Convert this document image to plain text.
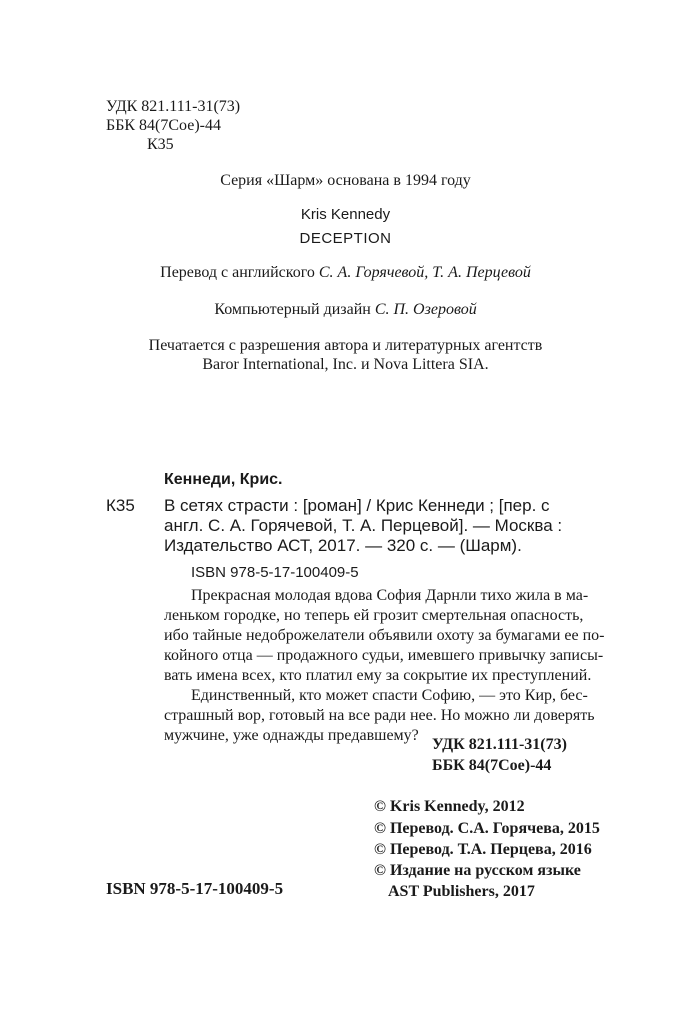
УДК 821.111-31(73)
ББК 84(7Сое)-44
К35
Серия «Шарм» основана в 1994 году
Kris Kennedy
DECEPTION
Перевод с английского С. А. Горячевой, Т. А. Перцевой
Компьютерный дизайн С. П. Озеровой
Печатается с разрешения автора и литературных агентств
Baror International, Inc. и Nova Littera SIA.
Кеннеди, Крис.
К35 В сетях страсти : [роман] / Крис Кеннеди ; [пер. с
англ. С. А. Горячевой, Т. А. Перцевой]. — Москва :
Издательство АСТ, 2017. — 320 с. — (Шарм).
ISBN 978-5-17-100409-5
Прекрасная молодая вдова София Дарнли тихо жила в ма-
леньком городке, но теперь ей грозит смертельная опасность,
ибо тайные недоброжелатели объявили охоту за бумагами ее по-
койного отца — продажного судьи, имевшего привычку записы-
вать имена всех, кто платил ему за сокрытие их преступлений.
Единственный, кто может спасти Софию, — это Кир, бес-
страшный вор, готовый на все ради нее. Но можно ли доверять
мужчине, уже однажды предавшему?
УДК 821.111-31(73)
ББК 84(7Сое)-44
© Kris Kennedy, 2012
© Перевод. С.А. Горячева, 2015
© Перевод. Т.А. Перцева, 2016
© Издание на русском языке
AST Publishers, 2017
ISBN 978-5-17-100409-5
